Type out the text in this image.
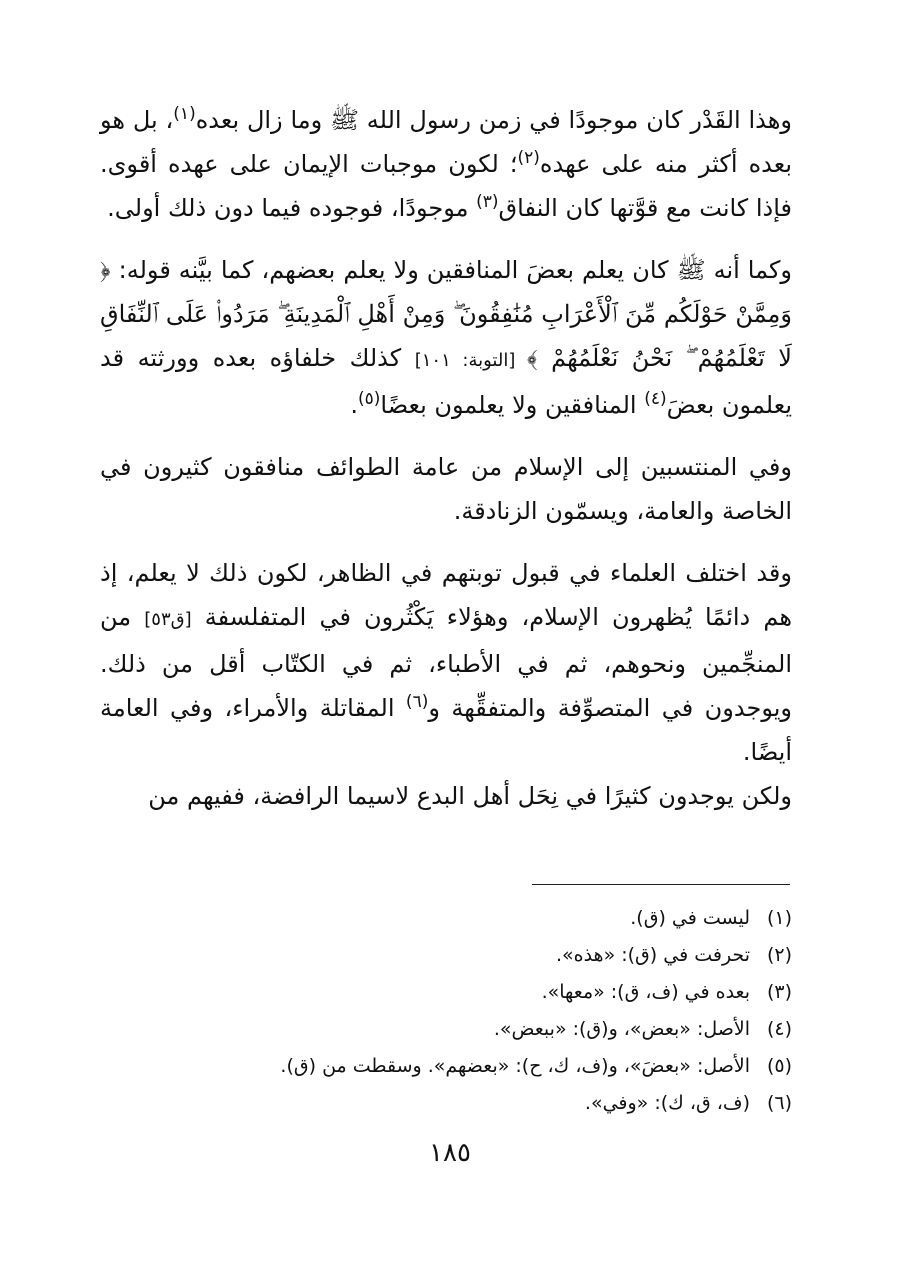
وهذا القَدْر كان موجودًا في زمن رسول الله ﷺ وما زال بعده$^{(١)}$، بل هو بعده أكثر منه على عهده$^{(٢)}$؛ لكون موجبات الإيمان على عهده أقوى. فإذا كانت مع قوَّتها كان النفاق$^{(٣)}$ موجودًا، فوجوده فيما دون ذلك أولى.

وكما أنه ﷺ كان يعلم بعضَ المنافقين ولا يعلم بعضهم، كما بيَّنه قوله: ﴿ وَمِمَّنْ حَوْلَكُم مِّنَ ٱلْأَعْرَابِ مُنَٰفِقُونَ ۖ وَمِنْ أَهْلِ ٱلْمَدِينَةِ ۖ مَرَدُوا۟ عَلَى ٱلنِّفَاقِ لَا تَعْلَمُهُمْ ۖ نَحْنُ نَعْلَمُهُمْ ﴾ [التوبة: ١٠١] كذلك خلفاؤه بعده وورثته قد يعلمون بعضَ$^{(٤)}$ المنافقين ولا يعلمون بعضًا$^{(٥)}$.

وفي المنتسبين إلى الإسلام من عامة الطوائف منافقون كثيرون في الخاصة والعامة، ويسمّون الزنادقة.

وقد اختلف العلماء في قبول توبتهم في الظاهر، لكون ذلك لا يعلم، إذ هم دائمًا يُظهرون الإسلام، وهؤلاء يَكْثُرون في المتفلسفة [ق٥٣] من المنجِّمين ونحوهم، ثم في الأطباء، ثم في الكتّاب أقل من ذلك. ويوجدون في المتصوِّفة والمتفقِّهة و$^{(٦)}$ المقاتلة والأمراء، وفي العامة أيضًا.

ولكن يوجدون كثيرًا في نِحَل أهل البدع لاسيما الرافضة، ففيهم من

(١)
ليست في (ق).
(٢)
تحرفت في (ق): «هذه».
(٣)
بعده في (ف، ق): «معها».
(٤)
الأصل: «بعض»، و(ق): «ببعض».
(٥)
الأصل: «بعضَ»، و(ف، ك، ح): «بعضهم». وسقطت من (ق).
(٦)
(ف، ق، ك): «وفي».
١٨٥
